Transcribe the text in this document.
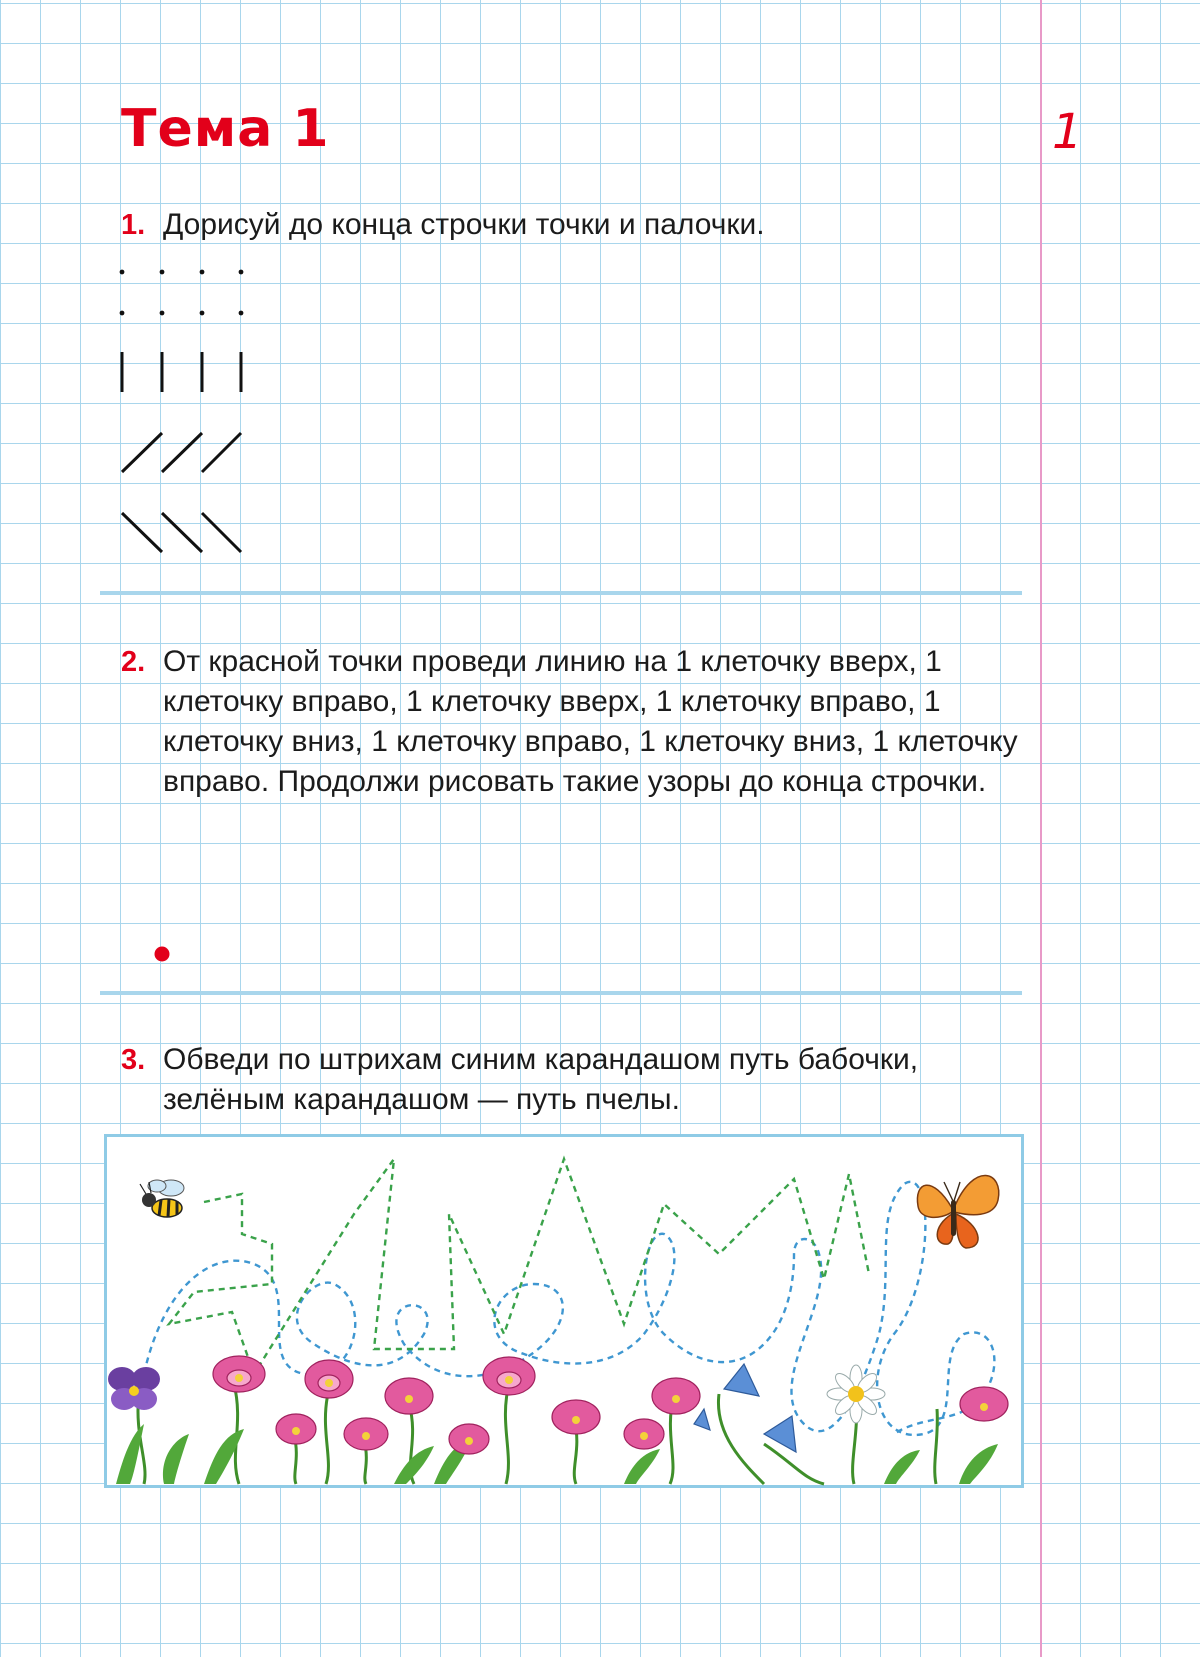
Тема 1	1
1. Дорисуй до конца строчки точки и палочки.

2. От красной точки проведи линию на 1 клеточку вверх, 1 клеточку вправо, 1 клеточку вверх, 1 клеточку вправо, 1 клеточку вниз, 1 клеточку вправо, 1 клеточку вниз, 1 клеточку вправо. Продолжи рисовать такие узоры до конца строчки.

3. Обведи по штрихам синим карандашом путь бабочки, зелёным карандашом — путь пчелы.
